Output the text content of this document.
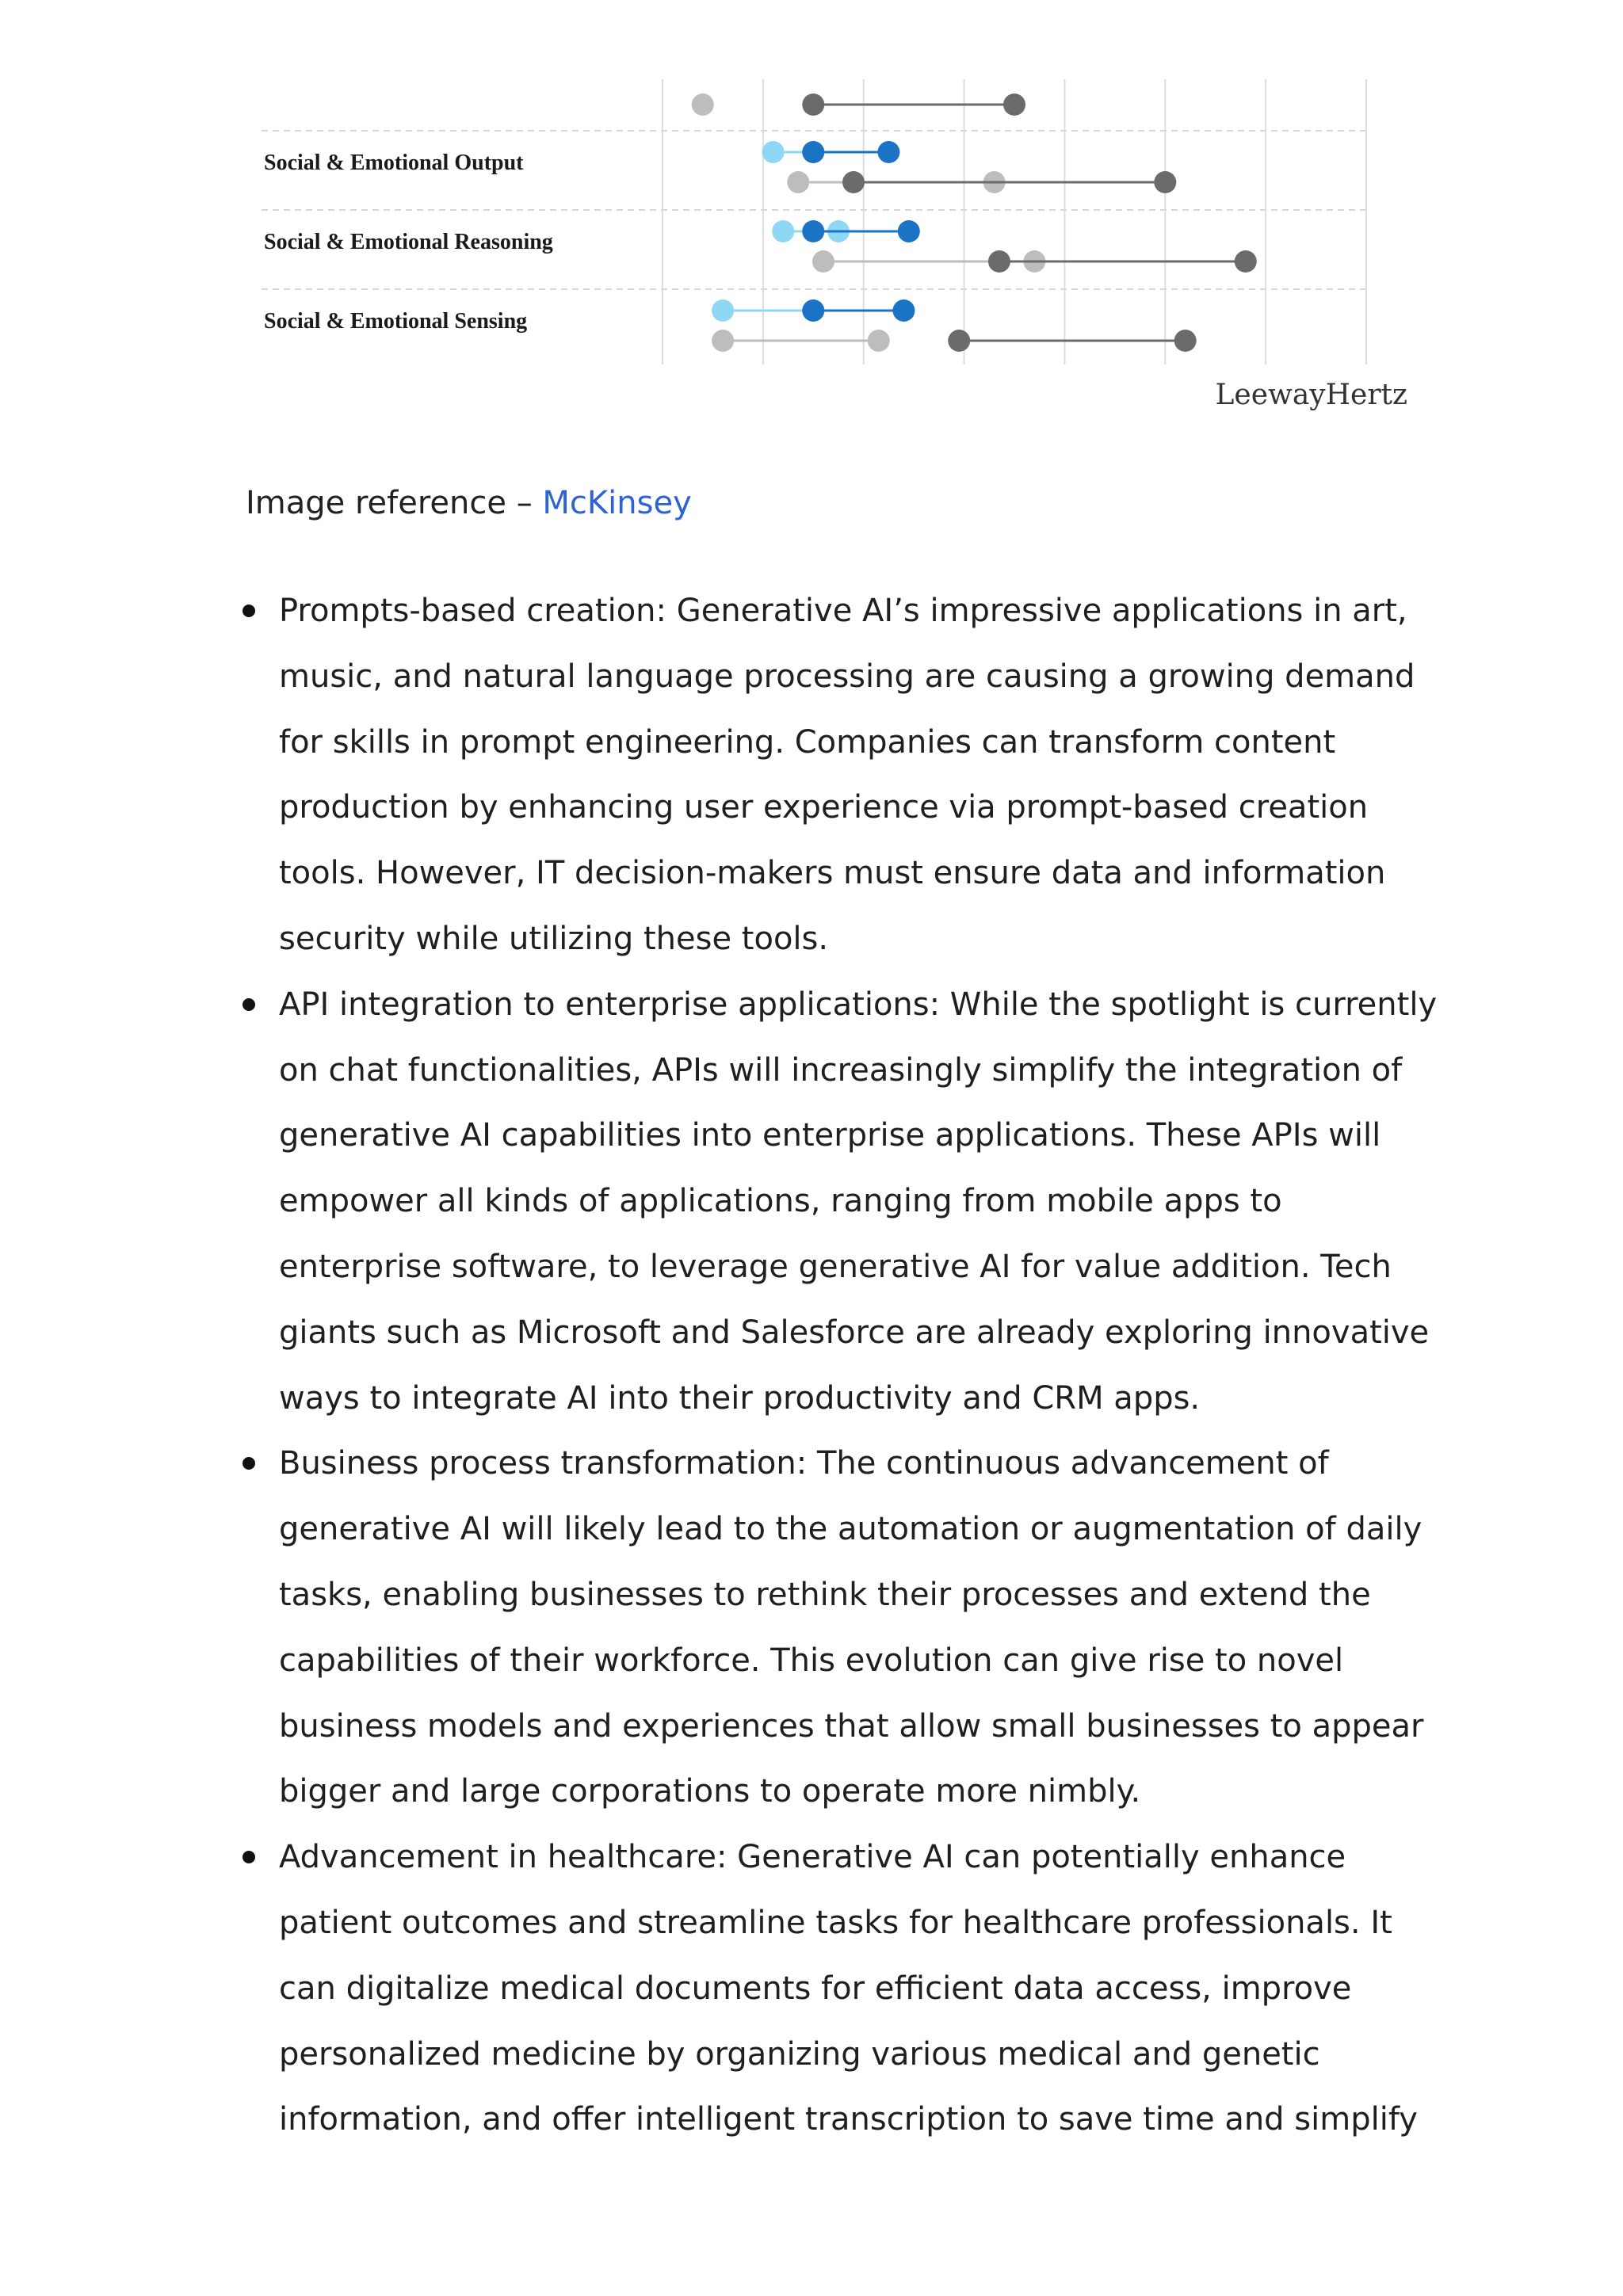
Social & Emotional Output
Social & Emotional Reasoning
Social & Emotional Sensing
LeewayHertz
Image reference – McKinsey
Prompts-based creation: Generative AI’s impressive applications in art, music, and natural language processing are causing a growing demand for skills in prompt engineering. Companies can transform content production by enhancing user experience via prompt-based creation tools. However, IT decision-makers must ensure data and information security while utilizing these tools.
API integration to enterprise applications: While the spotlight is currently on chat functionalities, APIs will increasingly simplify the integration of generative AI capabilities into enterprise applications. These APIs will empower all kinds of applications, ranging from mobile apps to enterprise software, to leverage generative AI for value addition. Tech giants such as Microsoft and Salesforce are already exploring innovative ways to integrate AI into their productivity and CRM apps.
Business process transformation: The continuous advancement of generative AI will likely lead to the automation or augmentation of daily tasks, enabling businesses to rethink their processes and extend the capabilities of their workforce. This evolution can give rise to novel business models and experiences that allow small businesses to appear bigger and large corporations to operate more nimbly.
Advancement in healthcare: Generative AI can potentially enhance patient outcomes and streamline tasks for healthcare professionals. It can digitalize medical documents for efficient data access, improve personalized medicine by organizing various medical and genetic information, and offer intelligent transcription to save time and simplify
